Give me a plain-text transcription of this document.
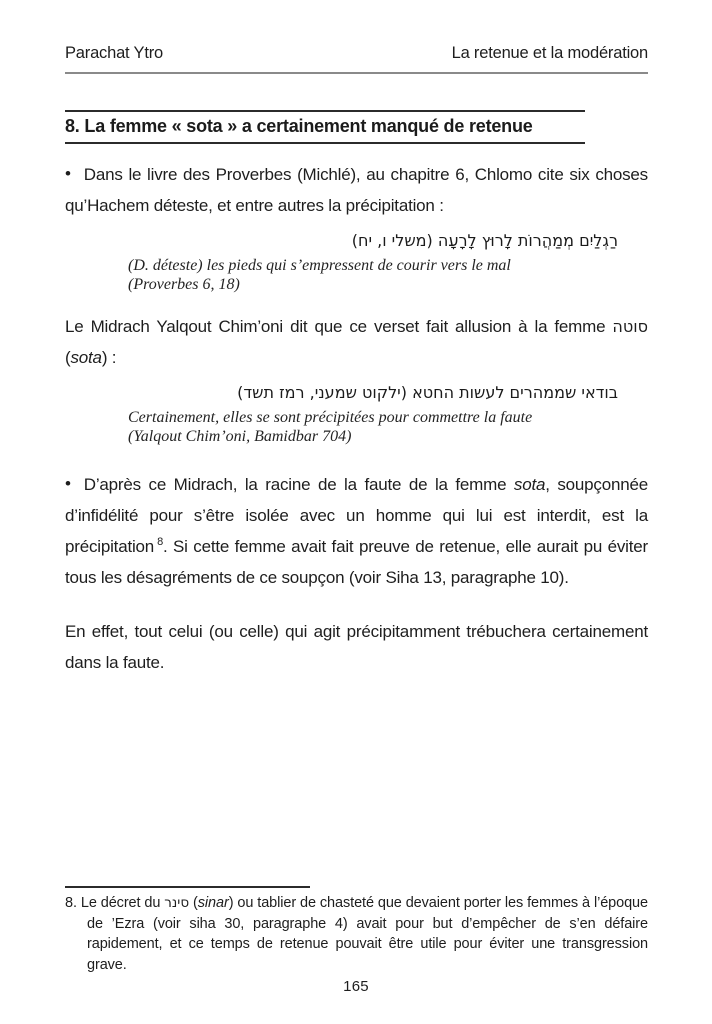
Parachat Ytro	La retenue et la modération
8. La femme « sota » a certainement manqué de retenue

• Dans le livre des Proverbes (Michlé), au chapitre 6, Chlomo cite six choses qu’Hachem déteste, et entre autres la précipitation :

רַגְלַיִם מְמַהֲרוֹת לָרוּץ לָרָעָה (משלי ו, יח)
(D. déteste) les pieds qui s’empressent de courir vers le mal
(Proverbes 6, 18)

Le Midrach Yalqout Chim’oni dit que ce verset fait allusion à la femme סוטה (sota) :

בודאי שממהרים לעשות החטא (ילקוט שמעני, רמז תשד)
Certainement, elles se sont précipitées pour commettre la faute
(Yalqout Chim’oni, Bamidbar 704)

• D’après ce Midrach, la racine de la faute de la femme sota, soupçonnée d’infidélité pour s’être isolée avec un homme qui lui est interdit, est la précipitation $^8$. Si cette femme avait fait preuve de retenue, elle aurait pu éviter tous les désagréments de ce soupçon (voir Siha 13, paragraphe 10).

En effet, tout celui (ou celle) qui agit précipitamment trébuchera certainement dans la faute.

8. Le décret du סינר (sinar) ou tablier de chasteté que devaient porter les femmes à l’époque de ’Ezra (voir siha 30, paragraphe 4) avait pour but d’empêcher de s’en défaire rapidement, et ce temps de retenue pouvait être utile pour éviter une transgression grave.

165
